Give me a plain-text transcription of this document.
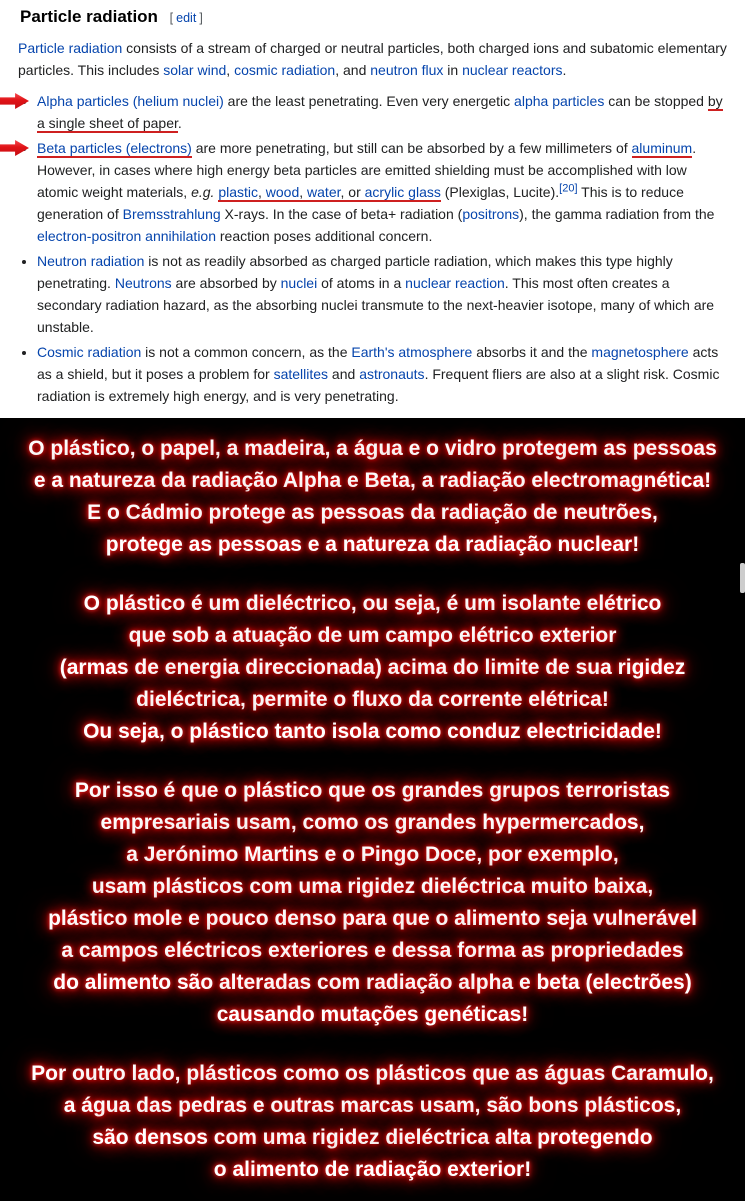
Particle radiation [ edit ]

Particle radiation consists of a stream of charged or neutral particles, both charged ions and subatomic elementary particles. This includes solar wind, cosmic radiation, and neutron flux in nuclear reactors.

• Alpha particles (helium nuclei) are the least penetrating. Even very energetic alpha particles can be stopped by a single sheet of paper.
• Beta particles (electrons) are more penetrating, but still can be absorbed by a few millimeters of aluminum. However, in cases where high energy beta particles are emitted shielding must be accomplished with low atomic weight materials, e.g. plastic, wood, water, or acrylic glass (Plexiglas, Lucite).[20] This is to reduce generation of Bremsstrahlung X-rays. In the case of beta+ radiation (positrons), the gamma radiation from the electron-positron annihilation reaction poses additional concern.
• Neutron radiation is not as readily absorbed as charged particle radiation, which makes this type highly penetrating. Neutrons are absorbed by nuclei of atoms in a nuclear reaction. This most often creates a secondary radiation hazard, as the absorbing nuclei transmute to the next-heavier isotope, many of which are unstable.
• Cosmic radiation is not a common concern, as the Earth's atmosphere absorbs it and the magnetosphere acts as a shield, but it poses a problem for satellites and astronauts. Frequent fliers are also at a slight risk. Cosmic radiation is extremely high energy, and is very penetrating.
O plástico, o papel, a madeira, a água e o vidro protegem as pessoas
e a natureza da radiação Alpha e Beta, a radiação electromagnética!
E o Cádmio protege as pessoas da radiação de neutrões,
protege as pessoas e a natureza da radiação nuclear!
O plástico é um dieléctrico, ou seja, é um isolante elétrico
que sob a atuação de um campo elétrico exterior
(armas de energia direccionada) acima do limite de sua rigidez
dieléctrica, permite o fluxo da corrente elétrica!
Ou seja, o plástico tanto isola como conduz electricidade!
Por isso é que o plástico que os grandes grupos terroristas
empresariais usam, como os grandes hypermercados,
a Jerónimo Martins e o Pingo Doce, por exemplo,
usam plásticos com uma rigidez dieléctrica muito baixa,
plástico mole e pouco denso para que o alimento seja vulnerável
a campos eléctricos exteriores e dessa forma as propriedades
do alimento são alteradas com radiação alpha e beta (electrões)
causando mutações genéticas!
Por outro lado, plásticos como os plásticos que as águas Caramulo,
a água das pedras e outras marcas usam, são bons plásticos,
são densos com uma rigidez dieléctrica alta protegendo
o alimento de radiação exterior!
